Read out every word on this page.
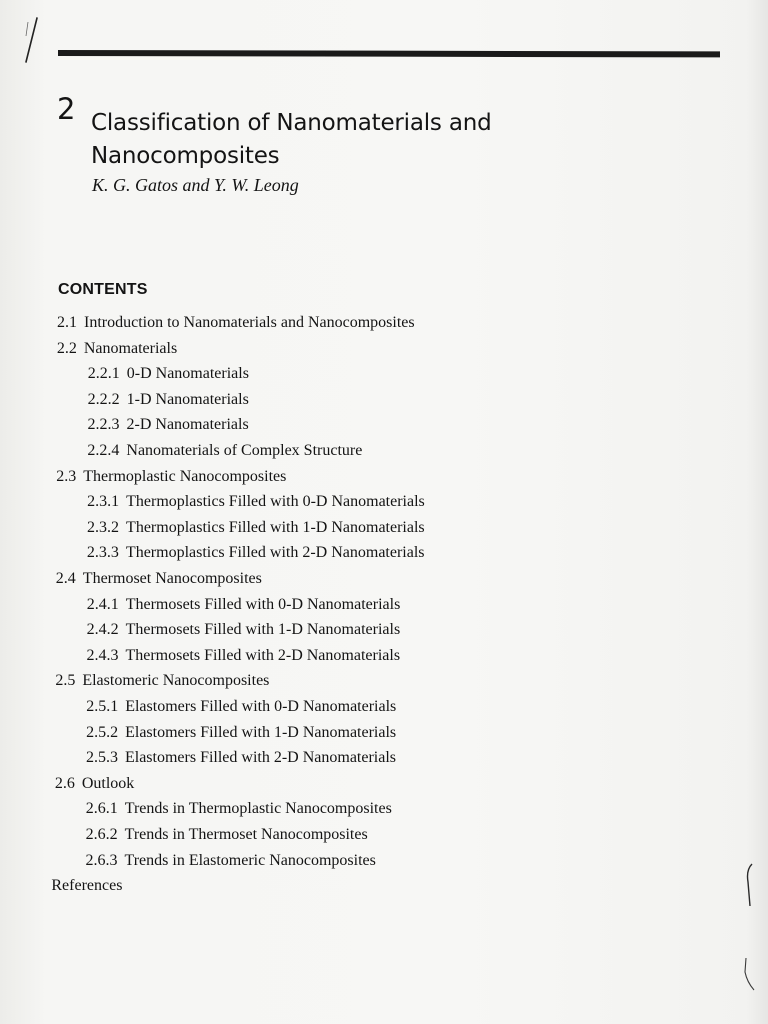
2 Classification of Nanomaterials and
Nanocomposites
K. G. Gatos and Y. W. Leong
CONTENTS
2.1 Introduction to Nanomaterials and Nanocomposites
2.2 Nanomaterials
2.2.1 0-D Nanomaterials
2.2.2 1-D Nanomaterials
2.2.3 2-D Nanomaterials
2.2.4 Nanomaterials of Complex Structure
2.3 Thermoplastic Nanocomposites
2.3.1 Thermoplastics Filled with 0-D Nanomaterials
2.3.2 Thermoplastics Filled with 1-D Nanomaterials
2.3.3 Thermoplastics Filled with 2-D Nanomaterials
2.4 Thermoset Nanocomposites
2.4.1 Thermosets Filled with 0-D Nanomaterials
2.4.2 Thermosets Filled with 1-D Nanomaterials
2.4.3 Thermosets Filled with 2-D Nanomaterials
2.5 Elastomeric Nanocomposites
2.5.1 Elastomers Filled with 0-D Nanomaterials
2.5.2 Elastomers Filled with 1-D Nanomaterials
2.5.3 Elastomers Filled with 2-D Nanomaterials
2.6 Outlook
2.6.1 Trends in Thermoplastic Nanocomposites
2.6.2 Trends in Thermoset Nanocomposites
2.6.3 Trends in Elastomeric Nanocomposites
References
